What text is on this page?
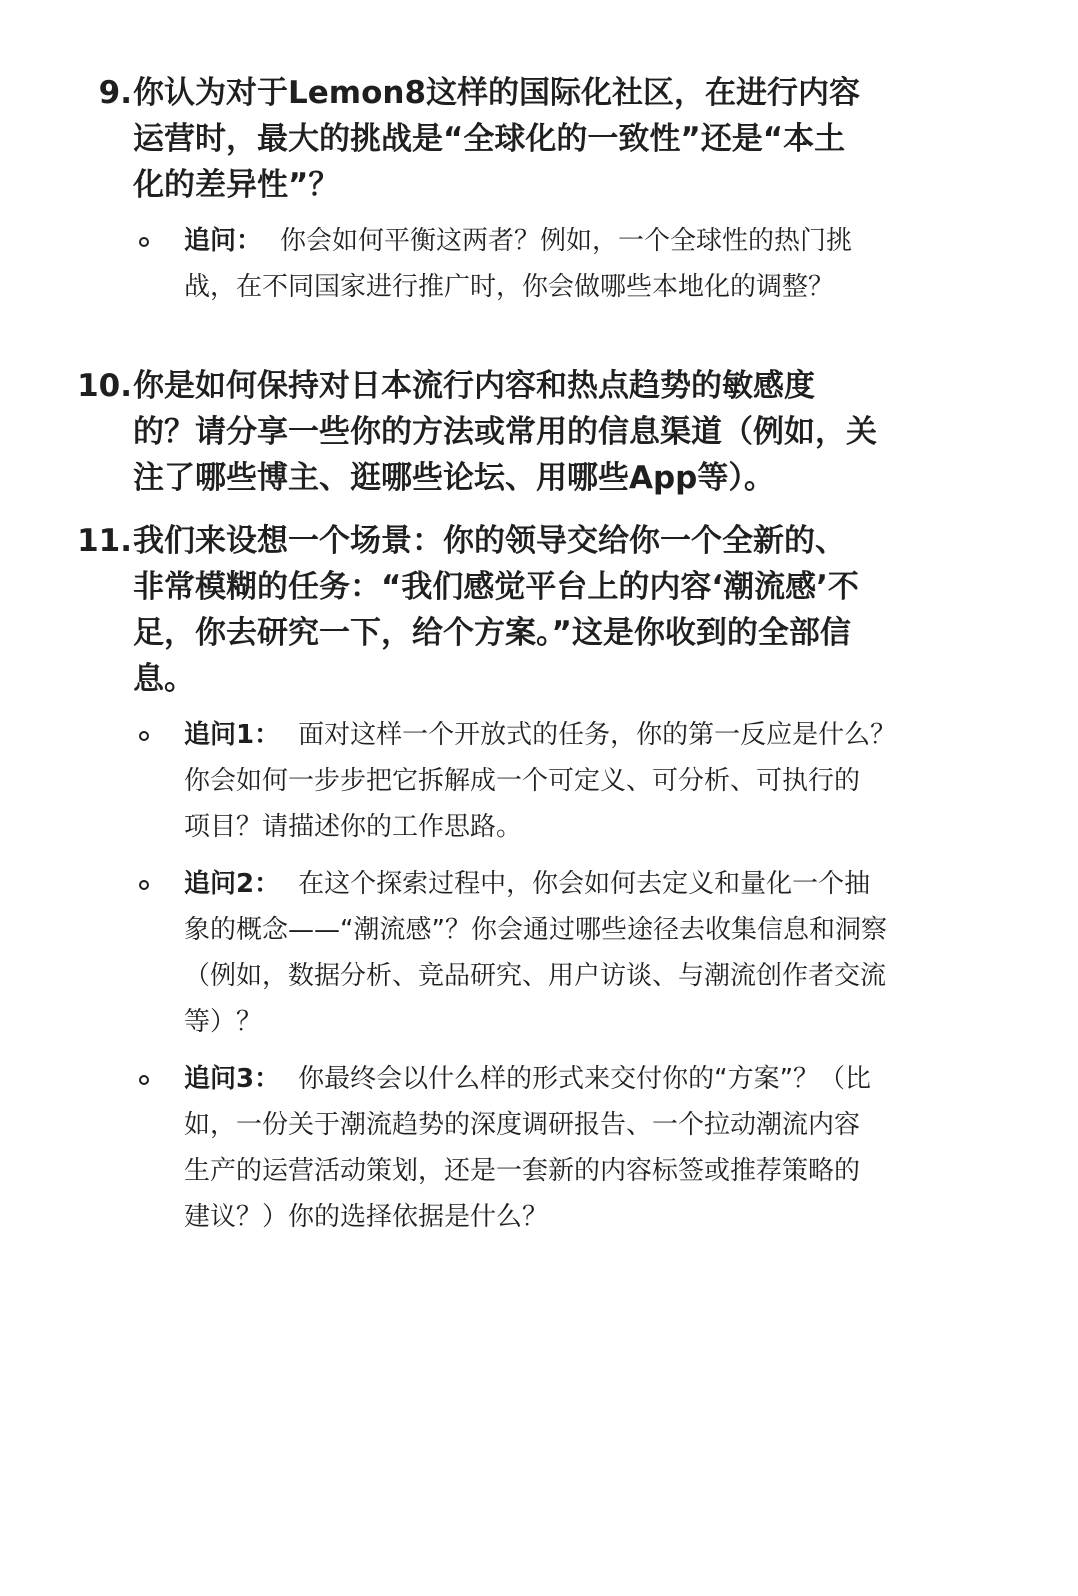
9. 你认为对于Lemon8这样的国际化社区，在进行内容
运营时，最大的挑战是“全球化的一致性”还是“本土
化的差异性”？
追问： 你会如何平衡这两者？例如，一个全球性的热门挑
战，在不同国家进行推广时，你会做哪些本地化的调整？
10. 你是如何保持对日本流行内容和热点趋势的敏感度
的？请分享一些你的方法或常用的信息渠道（例如，关
注了哪些博主、逛哪些论坛、用哪些App等）。
11. 我们来设想一个场景：你的领导交给你一个全新的、
非常模糊的任务：“我们感觉平台上的内容‘潮流感’不
足，你去研究一下，给个方案。”这是你收到的全部信
息。
追问1： 面对这样一个开放式的任务，你的第一反应是什么？
你会如何一步步把它拆解成一个可定义、可分析、可执行的
项目？请描述你的工作思路。
追问2： 在这个探索过程中，你会如何去定义和量化一个抽
象的概念——“潮流感”？你会通过哪些途径去收集信息和洞察
（例如，数据分析、竞品研究、用户访谈、与潮流创作者交流
等）？
追问3： 你最终会以什么样的形式来交付你的“方案”？（比
如，一份关于潮流趋势的深度调研报告、一个拉动潮流内容
生产的运营活动策划，还是一套新的内容标签或推荐策略的
建议？）你的选择依据是什么？
